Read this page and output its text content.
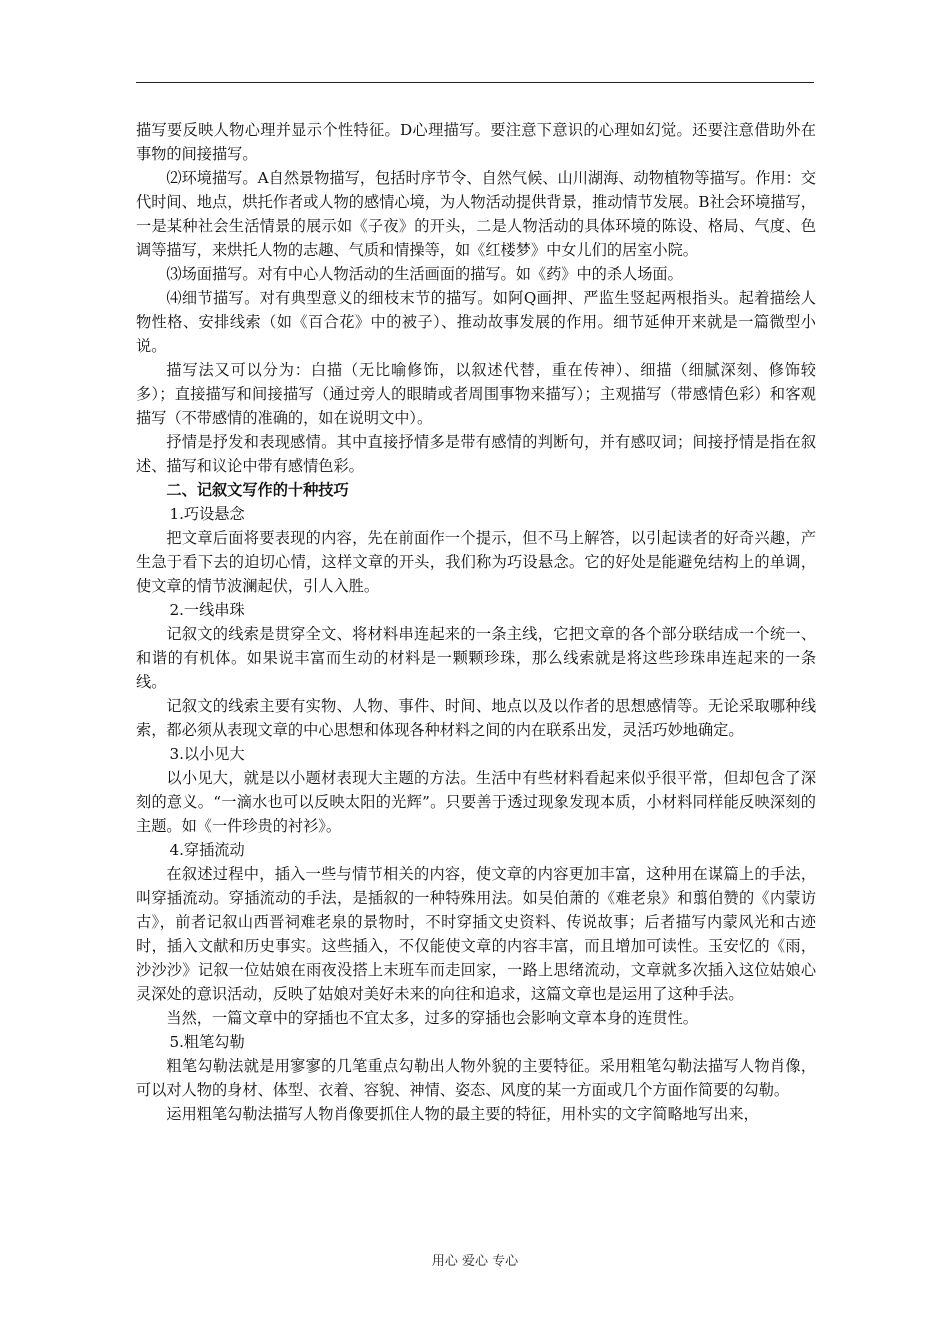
描写要反映人物心理并显示个性特征。D心理描写。要注意下意识的心理如幻觉。还要注意借助外在事物的间接描写。

⑵环境描写。A自然景物描写，包括时序节令、自然气候、山川湖海、动物植物等描写。作用：交代时间、地点，烘托作者或人物的感情心境，为人物活动提供背景，推动情节发展。B社会环境描写，一是某种社会生活情景的展示如《子夜》的开头，二是人物活动的具体环境的陈设、格局、气度、色调等描写，来烘托人物的志趣、气质和情操等，如《红楼梦》中女儿们的居室小院。

⑶场面描写。对有中心人物活动的生活画面的描写。如《药》中的杀人场面。

⑷细节描写。对有典型意义的细枝末节的描写。如阿Q画押、严监生竖起两根指头。起着描绘人物性格、安排线索（如《百合花》中的被子）、推动故事发展的作用。细节延伸开来就是一篇微型小说。

描写法又可以分为：白描（无比喻修饰，以叙述代替，重在传神）、细描（细腻深刻、修饰较多）；直接描写和间接描写（通过旁人的眼睛或者周围事物来描写）；主观描写（带感情色彩）和客观描写（不带感情的准确的，如在说明文中）。

抒情是抒发和表现感情。其中直接抒情多是带有感情的判断句，并有感叹词；间接抒情是指在叙述、描写和议论中带有感情色彩。

二、记叙文写作的十种技巧

1.巧设悬念

把文章后面将要表现的内容，先在前面作一个提示，但不马上解答，以引起读者的好奇兴趣，产生急于看下去的迫切心情，这样文章的开头，我们称为巧设悬念。它的好处是能避免结构上的单调，使文章的情节波澜起伏，引人入胜。

2.一线串珠

记叙文的线索是贯穿全文、将材料串连起来的一条主线，它把文章的各个部分联结成一个统一、和谐的有机体。如果说丰富而生动的材料是一颗颗珍珠，那么线索就是将这些珍珠串连起来的一条线。

记叙文的线索主要有实物、人物、事件、时间、地点以及以作者的思想感情等。无论采取哪种线索，都必须从表现文章的中心思想和体现各种材料之间的内在联系出发，灵活巧妙地确定。

3.以小见大

以小见大，就是以小题材表现大主题的方法。生活中有些材料看起来似乎很平常，但却包含了深刻的意义。“一滴水也可以反映太阳的光辉”。只要善于透过现象发现本质，小材料同样能反映深刻的主题。如《一件珍贵的衬衫》。

4.穿插流动

在叙述过程中，插入一些与情节相关的内容，使文章的内容更加丰富，这种用在谋篇上的手法，叫穿插流动。穿插流动的手法，是插叙的一种特殊用法。如吴伯萧的《难老泉》和翦伯赞的《内蒙访古》，前者记叙山西晋祠难老泉的景物时，不时穿插文史资料、传说故事；后者描写内蒙风光和古迹时，插入文献和历史事实。这些插入，不仅能使文章的内容丰富，而且增加可读性。玉安忆的《雨，沙沙沙》记叙一位姑娘在雨夜没搭上末班车而走回家，一路上思绪流动，文章就多次插入这位姑娘心灵深处的意识活动，反映了姑娘对美好未来的向往和追求，这篇文章也是运用了这种手法。

当然，一篇文章中的穿插也不宜太多，过多的穿插也会影响文章本身的连贯性。

5.粗笔勾勒

粗笔勾勒法就是用寥寥的几笔重点勾勒出人物外貌的主要特征。采用粗笔勾勒法描写人物肖像，可以对人物的身材、体型、衣着、容貌、神情、姿态、风度的某一方面或几个方面作简要的勾勒。

运用粗笔勾勒法描写人物肖像要抓住人物的最主要的特征，用朴实的文字简略地写出来，

用心 爱心 专心
